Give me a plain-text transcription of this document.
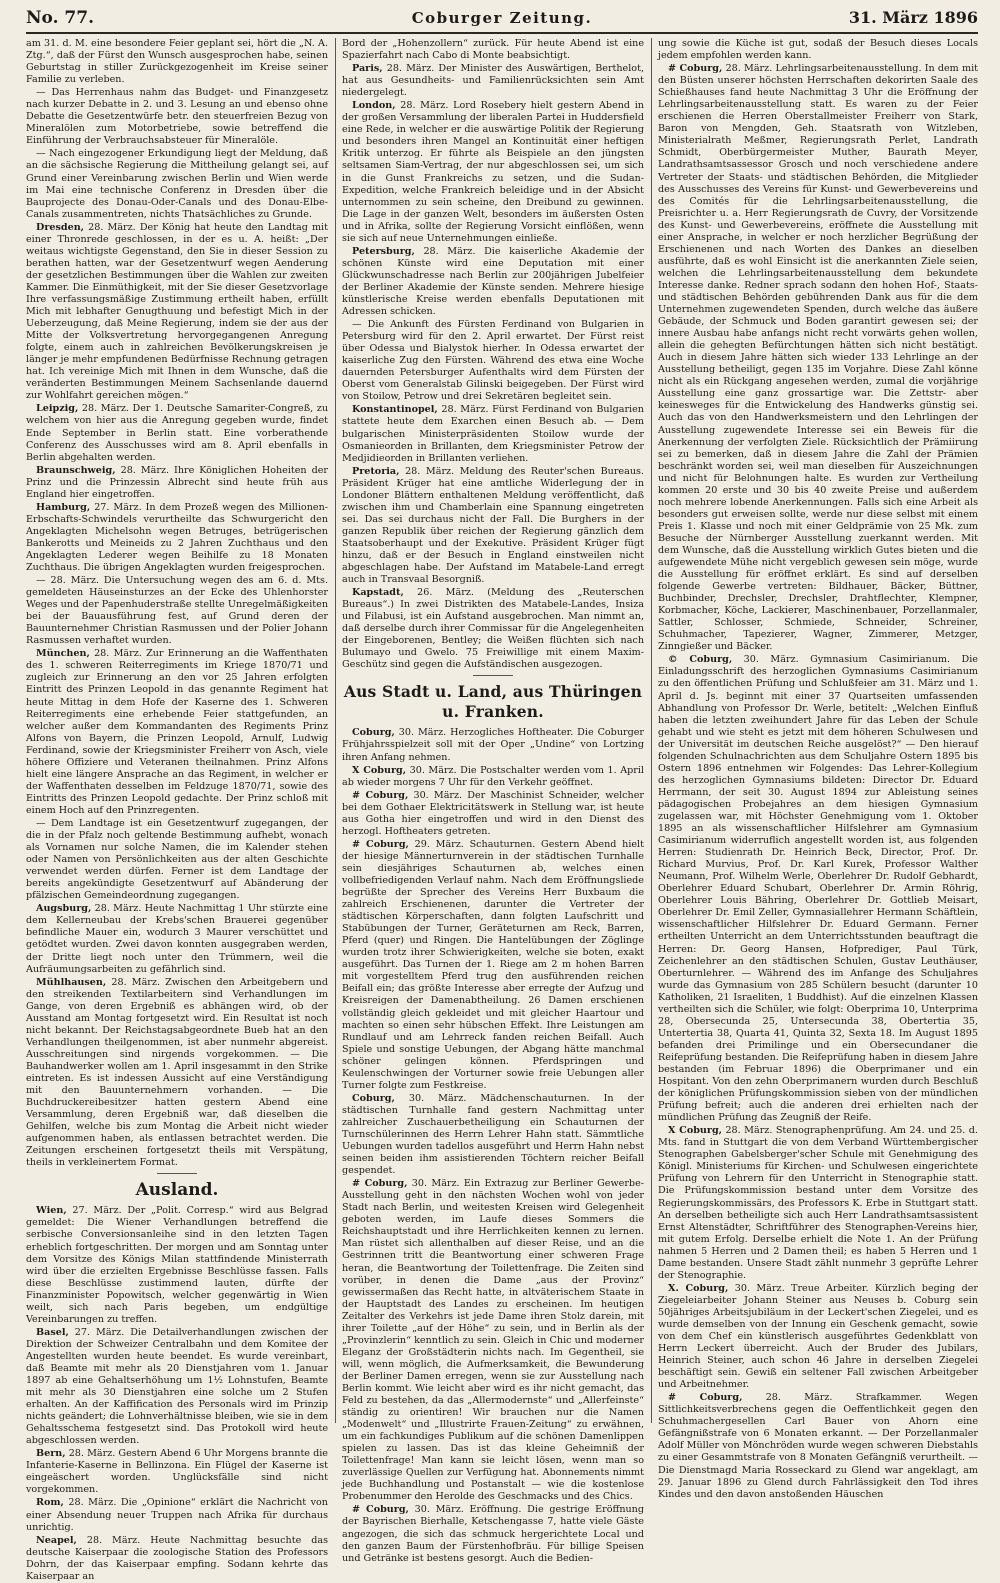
No. 77.	Coburger Zeitung.	31. März 1896

am 31. d. M. eine besondere Feier geplant sei, hört die „N. A. Ztg.“, daß der Fürst den Wunsch ausgesprochen habe, seinen Geburtstag in stiller Zurückgezogenheit im Kreise seiner Familie zu verleben.

— Das Herrenhaus nahm das Budget- und Finanzgesetz nach kurzer Debatte in 2. und 3. Lesung an und ebenso ohne Debatte die Gesetzentwürfe betr. den steuerfreien Bezug von Mineralölen zum Motorbetriebe, sowie betreffend die Einführung der Verbrauchsabsteuer für Mineralöle.

— Nach eingezogener Erkundigung liegt der Meldung, daß an die sächsische Regierung die Mittheilung gelangt sei, auf Grund einer Vereinbarung zwischen Berlin und Wien werde im Mai eine technische Conferenz in Dresden über die Bauprojecte des Donau-Oder-Canals und des Donau-Elbe-Canals zusammentreten, nichts Thatsächliches zu Grunde.

Dresden, 28. März. Der König hat heute den Landtag mit einer Thronrede geschlossen, in der es u. A. heißt: „Der weitaus wichtigste Gegenstand, den Sie in dieser Session zu berathen hatten, war der Gesetzentwurf wegen Aenderung der gesetzlichen Bestimmungen über die Wahlen zur zweiten Kammer. Die Einmüthigkeit, mit der Sie dieser Gesetzvorlage Ihre verfassungsmäßige Zustimmung ertheilt haben, erfüllt Mich mit lebhafter Genugthuung und befestigt Mich in der Ueberzeugung, daß Meine Regierung, indem sie der aus der Mitte der Volksvertretung hervorgegangenen Anregung folgte, einem auch in zahlreichen Bevölkerungskreisen je länger je mehr empfundenen Bedürfnisse Rechnung getragen hat. Ich vereinige Mich mit Ihnen in dem Wunsche, daß die veränderten Bestimmungen Meinem Sachsenlande dauernd zur Wohlfahrt gereichen mögen.“

Leipzig, 28. März. Der 1. Deutsche Samariter-Congreß, zu welchem von hier aus die Anregung gegeben wurde, findet Ende September in Berlin statt. Eine vorberathende Conferenz des Ausschusses wird am 8. April ebenfalls in Berlin abgehalten werden.

Braunschweig, 28. März. Ihre Königlichen Hoheiten der Prinz und die Prinzessin Albrecht sind heute früh aus England hier eingetroffen.

Hamburg, 27. März. In dem Prozeß wegen des Millionen-Erbschafts-Schwindels verurtheilte das Schwurgericht den Angeklagten Michelsohn wegen Betruges, betrügerischen Bankerotts und Meineids zu 2 Jahren Zuchthaus und den Angeklagten Lederer wegen Beihilfe zu 18 Monaten Zuchthaus. Die übrigen Angeklagten wurden freigesprochen.

— 28. März. Die Untersuchung wegen des am 6. d. Mts. gemeldeten Häuseinsturzes an der Ecke des Uhlenhorster Weges und der Papenhuderstraße stellte Unregelmäßigkeiten bei der Bauausführung fest, auf Grund deren der Bauunternehmer Christian Rasmussen und der Polier Johann Rasmussen verhaftet wurden.

München, 28. März. Zur Erinnerung an die Waffenthaten des 1. schweren Reiterregiments im Kriege 1870/71 und zugleich zur Erinnerung an den vor 25 Jahren erfolgten Eintritt des Prinzen Leopold in das genannte Regiment hat heute Mittag in dem Hofe der Kaserne des 1. Schweren Reiterregiments eine erhebende Feier stattgefunden, an welcher außer dem Kommandanten des Regiments Prinz Alfons von Bayern, die Prinzen Leopold, Arnulf, Ludwig Ferdinand, sowie der Kriegsminister Freiherr von Asch, viele höhere Offiziere und Veteranen theilnahmen. Prinz Alfons hielt eine längere Ansprache an das Regiment, in welcher er der Waffenthaten desselben im Feldzuge 1870/71, sowie des Eintritts des Prinzen Leopold gedachte. Der Prinz schloß mit einem Hoch auf den Prinzregenten.

— Dem Landtage ist ein Gesetzentwurf zugegangen, der die in der Pfalz noch geltende Bestimmung aufhebt, wonach als Vornamen nur solche Namen, die im Kalender stehen oder Namen von Persönlichkeiten aus der alten Geschichte verwendet werden dürfen. Ferner ist dem Landtage der bereits angekündigte Gesetzentwurf auf Abänderung der pfälzischen Gemeindeordnung zugegangen.

Augsburg, 28. März. Heute Nachmittag 1 Uhr stürzte eine dem Kellerneubau der Krebs'schen Brauerei gegenüber befindliche Mauer ein, wodurch 3 Maurer verschüttet und getödtet wurden. Zwei davon konnten ausgegraben werden, der Dritte liegt noch unter den Trümmern, weil die Aufräumungsarbeiten zu gefährlich sind.

Mühlhausen, 28. März. Zwischen den Arbeitgebern und den streikenden Textilarbeitern sind Verhandlungen im Gange, von deren Ergebniß es abhängen wird, ob der Ausstand am Montag fortgesetzt wird. Ein Resultat ist noch nicht bekannt. Der Reichstagsabgeordnete Bueb hat an den Verhandlungen theilgenommen, ist aber nunmehr abgereist. Ausschreitungen sind nirgends vorgekommen. — Die Bauhandwerker wollen am 1. April insgesammt in den Strike eintreten. Es ist indessen Aussicht auf eine Verständigung mit den Bauunternehmern vorhanden. — Die Buchdruckereibesitzer hatten gestern Abend eine Versammlung, deren Ergebniß war, daß dieselben die Gehilfen, welche bis zum Montag die Arbeit nicht wieder aufgenommen haben, als entlassen betrachtet werden. Die Zeitungen erscheinen fortgesetzt theils mit Verspätung, theils in verkleinertem Format.

Ausland.

Wien, 27. März. Der „Polit. Corresp.“ wird aus Belgrad gemeldet: Die Wiener Verhandlungen betreffend die serbische Conversionsanleihe sind in den letzten Tagen erheblich fortgeschritten. Der morgen und am Sonntag unter dem Vorsitze des Königs Milan stattfindende Ministerrath wird über die erzielten Ergebnisse Beschlüsse fassen. Falls diese Beschlüsse zustimmend lauten, dürfte der Finanzminister Popowitsch, welcher gegenwärtig in Wien weilt, sich nach Paris begeben, um endgültige Vereinbarungen zu treffen.

Basel, 27. März. Die Detailverhandlungen zwischen der Direktion der Schweizer Centralbahn und dem Komitee der Angestellten wurden heute beendet. Es wurde vereinbart, daß Beamte mit mehr als 20 Dienstjahren vom 1. Januar 1897 ab eine Gehaltserhöhung um 1½ Lohnstufen, Beamte mit mehr als 30 Dienstjahren eine solche um 2 Stufen erhalten. An der Kaffification des Personals wird im Prinzip nichts geändert; die Lohnverhältnisse bleiben, wie sie in dem Gehaltsschema festgesetzt sind. Das Protokoll wird heute abgeschlossen werden.

Bern, 28. März. Gestern Abend 6 Uhr Morgens brannte die Infanterie-Kaserne in Bellinzona. Ein Flügel der Kaserne ist eingeäschert worden. Unglücksfälle sind nicht vorgekommen.

Rom, 28. März. Die „Opinione“ erklärt die Nachricht von einer Absendung neuer Truppen nach Afrika für durchaus unrichtig.

Neapel, 28. März. Heute Nachmittag besuchte das deutsche Kaiserpaar die zoologische Station des Professors Dohrn, der das Kaiserpaar empfing. Sodann kehrte das Kaiserpaar an

Bord der „Hohenzollern“ zurück. Für heute Abend ist eine Spazierfahrt nach Cabo di Monte beabsichtigt.

Paris, 28. März. Der Minister des Auswärtigen, Berthelot, hat aus Gesundheits- und Familienrücksichten sein Amt niedergelegt.

London, 28. März. Lord Rosebery hielt gestern Abend in der großen Versammlung der liberalen Partei in Huddersfield eine Rede, in welcher er die auswärtige Politik der Regierung und besonders ihren Mangel an Kontinuität einer heftigen Kritik unterzog. Er führte als Beispiele an den jüngsten seltsamen Siam-Vertrag, der nur abgeschlossen sei, um sich in die Gunst Frankreichs zu setzen, und die Sudan-Expedition, welche Frankreich beleidige und in der Absicht unternommen zu sein scheine, den Dreibund zu gewinnen. Die Lage in der ganzen Welt, besonders im äußersten Osten und in Afrika, sollte der Regierung Vorsicht einflößen, wenn sie sich auf neue Unternehmungen einließe.

Petersburg, 28. März. Die kaiserliche Akademie der schönen Künste wird eine Deputation mit einer Glückwunschadresse nach Berlin zur 200jährigen Jubelfeier der Berliner Akademie der Künste senden. Mehrere hiesige künstlerische Kreise werden ebenfalls Deputationen mit Adressen schicken.

— Die Ankunft des Fürsten Ferdinand von Bulgarien in Petersburg wird für den 2. April erwartet. Der Fürst reist über Odessa und Bialystok hierher. In Odessa erwartet der kaiserliche Zug den Fürsten. Während des etwa eine Woche dauernden Petersburger Aufenthalts wird dem Fürsten der Oberst vom Generalstab Gilinski beigegeben. Der Fürst wird von Stoilow, Petrow und drei Sekretären begleitet sein.

Konstantinopel, 28. März. Fürst Ferdinand von Bulgarien stattete heute dem Exarchen einen Besuch ab. — Dem bulgarischen Ministerpräsidenten Stoilow wurde der Osmanieorden in Brillanten, dem Kriegsminister Petrow der Medjidieorden in Brillanten verliehen.

Pretoria, 28. März. Meldung des Reuter'schen Bureaus. Präsident Krüger hat eine amtliche Widerlegung der in Londoner Blättern enthaltenen Meldung veröffentlicht, daß zwischen ihm und Chamberlain eine Spannung eingetreten sei. Das sei durchaus nicht der Fall. Die Burghers in der ganzen Republik über reichen der Regierung gänzlich dem Staatsoberhaupt und der Exekutive. Präsident Krüger fügt hinzu, daß er der Besuch in England einstweilen nicht abgeschlagen habe. Der Aufstand im Matabele-Land erregt auch in Transvaal Besorgniß.

Kapstadt, 26. März. (Meldung des „Reuterschen Bureaus“.) In zwei Distrikten des Matabele-Landes, Insiza und Filabusi, ist ein Aufstand ausgebrochen. Man nimmt an, daß derselbe durch ihrer Commissar für die Angelegenheiten der Eingeborenen, Bentley; die Weißen flüchten sich nach Bulumayo und Gwelo. 75 Freiwillige mit einem Maxim-Geschütz sind gegen die Aufständischen ausgezogen.

Aus Stadt u. Land, aus Thüringen u. Franken.

Coburg, 30. März. Herzogliches Hoftheater. Die Coburger Frühjahrsspielzeit soll mit der Oper „Undine“ von Lortzing ihren Anfang nehmen.

X Coburg, 30. März. Die Postschalter werden vom 1. April ab wieder morgens 7 Uhr für den Verkehr geöffnet.

# Coburg, 30. März. Der Maschinist Schneider, welcher bei dem Gothaer Elektricitätswerk in Stellung war, ist heute aus Gotha hier eingetroffen und wird in den Dienst des herzogl. Hoftheaters getreten.

# Coburg, 29. März. Schauturnen. Gestern Abend hielt der hiesige Männerturnverein in der städtischen Turnhalle sein diesjähriges Schauturnen ab, welches einen vollbefriedigenden Verlauf nahm. Nach dem Eröffnungsliede begrüßte der Sprecher des Vereins Herr Buxbaum die zahlreich Erschienenen, darunter die Vertreter der städtischen Körperschaften, dann folgten Laufschritt und Stabübungen der Turner, Geräteturnen am Reck, Barren, Pferd (quer) und Ringen. Die Hantelübungen der Zöglinge wurden trotz ihrer Schwierigkeiten, welche sie boten, exakt ausgeführt. Das Turnen der 1. Riege am 2 m hohen Barren mit vorgestelltem Pferd trug den ausführenden reichen Beifall ein; das größte Interesse aber erregte der Aufzug und Kreisreigen der Damenabtheilung. 26 Damen erschienen vollständig gleich gekleidet und mit gleicher Haartour und machten so einen sehr hübschen Effekt. Ihre Leistungen am Rundlauf und am Lehrreck fanden reichen Beifall. Auch Spiele und sonstige Uebungen, der Abgang hätte manchmal schöner gelingen können. Pferdspringen und Keulenschwingen der Vorturner sowie freie Uebungen aller Turner folgte zum Festkreise.

Coburg, 30. März. Mädchenschauturnen. In der städtischen Turnhalle fand gestern Nachmittag unter zahlreicher Zuschauerbetheiligung ein Schauturnen der Turnschülerinnen des Herrn Lehrer Hahn statt. Sämmtliche Uebungen wurden tadellos ausgeführt und Herrn Hahn nebst seinen beiden ihm assistierenden Töchtern reicher Beifall gespendet.

# Coburg, 30. März. Ein Extrazug zur Berliner Gewerbe-Ausstellung geht in den nächsten Wochen wohl von jeder Stadt nach Berlin, und weitesten Kreisen wird Gelegenheit geboten werden, im Laufe dieses Sommers die Reichshauptstadt und ihre Herrlichkeiten kennen zu lernen. Man rüstet sich allenthalben auf dieser Reise, und an die Gestrinnen tritt die Beantwortung einer schweren Frage heran, die Beantwortung der Toilettenfrage. Die Zeiten sind vorüber, in denen die Dame „aus der Provinz“ gewissermaßen das Recht hatte, in altväterischem Staate in der Hauptstadt des Landes zu erscheinen. Im heutigen Zeitalter des Verkehrs ist jede Dame ihren Stolz darein, mit ihrer Toilette „auf der Höhe“ zu sein, und in Berlin als der „Provinzlerin“ kenntlich zu sein. Gleich in Chic und moderner Eleganz der Großstädterin nichts nach. Im Gegentheil, sie will, wenn möglich, die Aufmerksamkeit, die Bewunderung der Berliner Damen erregen, wenn sie zur Ausstellung nach Berlin kommt. Wie leicht aber wird es ihr nicht gemacht, das Feld zu bestehen, da das „Allermodernste“ und „Allerfeinste“ ständig zu orientiren! Wir brauchen nur die Namen „Modenwelt“ und „Illustrirte Frauen-Zeitung“ zu erwähnen, um ein fachkundiges Publikum auf die schönen Damenlippen spielen zu lassen. Das ist das kleine Geheimniß der Toilettenfrage! Man kann sie leicht lösen, wenn man so zuverlässige Quellen zur Verfügung hat. Abonnements nimmt jede Buchhandlung und Postanstalt — wie die kostenlose Probenummer den Herolde des Geschmacks und des Chics.

# Coburg, 30. März. Eröffnung. Die gestrige Eröffnung der Bayrischen Bierhalle, Ketschengasse 7, hatte viele Gäste angezogen, die sich das schmuck hergerichtete Local und den ganzen Baum der Fürstenhofbräu. Für billige Speisen und Getränke ist bestens gesorgt. Auch die Bedien-

ung sowie die Küche ist gut, sodaß der Besuch dieses Locals jedem empfohlen werden kann.

# Coburg, 28. März. Lehrlingsarbeitenausstellung. In dem mit den Büsten unserer höchsten Herrschaften dekorirten Saale des Schießhauses fand heute Nachmittag 3 Uhr die Eröffnung der Lehrlingsarbeitenausstellung statt. Es waren zu der Feier erschienen die Herren Oberstallmeister Freiherr von Stark, Baron von Mengden, Geh. Staatsrath von Witzleben, Ministerialrath Meßmer, Regierungsrath Perlet, Landrath Schmidt, Oberbürgermeister Muther, Baurath Meyer, Landrathsamtsassessor Grosch und noch verschiedene andere Vertreter der Staats- und städtischen Behörden, die Mitglieder des Ausschusses des Vereins für Kunst- und Gewerbevereins und des Comités für die Lehrlingsarbeitenausstellung, die Preisrichter u. a. Herr Regierungsrath de Cuvry, der Vorsitzende des Kunst- und Gewerbevereins, eröffnete die Ausstellung mit einer Ansprache, in welcher er noch herzlicher Begrüßung der Erschienenen und nach Worten des Dankes an dieselben ausführte, daß es wohl Einsicht ist die anerkannten Ziele seien, welchen die Lehrlingsarbeitenausstellung dem bekundete Interesse danke. Redner sprach sodann den hohen Hof-, Staats- und städtischen Behörden gebührenden Dank aus für die dem Unternehmen zugewendeten Spenden, durch welche das äußere Gebäude, der Schmuck und Boden garantirt gewesen sei; der innere Ausbau habe anfangs nicht recht vorwärts gehen wollen, allein die gehegten Befürchtungen hätten sich nicht bestätigt. Auch in diesem Jahre hätten sich wieder 133 Lehrlinge an der Ausstellung betheiligt, gegen 135 im Vorjahre. Diese Zahl könne nicht als ein Rückgang angesehen werden, zumal die vorjährige Ausstellung eine ganz grossartige war. Die Zettstr- aber keinesweges für die Entwickelung des Handwerks günstig sei. Auch das von den Handwerksmeistern und den Lehrlingen der Ausstellung zugewendete Interesse sei ein Beweis für die Anerkennung der verfolgten Ziele. Rücksichtlich der Prämiirung sei zu bemerken, daß in diesem Jahre die Zahl der Prämien beschränkt worden sei, weil man dieselben für Auszeichnungen und nicht für Belohnungen halte. Es wurden zur Vertheilung kommen 20 erste und 30 bis 40 zweite Preise und außerdem noch mehrere lobende Anerkennungen. Falls sich eine Arbeit als besonders gut erweisen sollte, werde nur diese selbst mit einem Preis 1. Klasse und noch mit einer Geldprämie von 25 Mk. zum Besuche der Nürnberger Ausstellung zuerkannt werden. Mit dem Wunsche, daß die Ausstellung wirklich Gutes bieten und die aufgewendete Mühe nicht vergeblich gewesen sein möge, wurde die Ausstellung für eröffnet erklärt. Es sind auf derselben folgende Gewerbe vertreten: Bildhauer, Bäcker, Büttner, Buchbinder, Drechsler, Drechsler, Drahtflechter, Klempner, Korbmacher, Köche, Lackierer, Maschinenbauer, Porzellanmaler, Sattler, Schlosser, Schmiede, Schneider, Schreiner, Schuhmacher, Tapezierer, Wagner, Zimmerer, Metzger, Zinngießer und Bäcker.

© Coburg, 30. März. Gymnasium Casimirianum. Die Einladungsschrift des herzoglichen Gymnasiums Casimirianum zu den öffentlichen Prüfung und Schlußfeier am 31. März und 1. April d. Js. beginnt mit einer 37 Quartseiten umfassenden Abhandlung von Professor Dr. Werle, betitelt: „Welchen Einfluß haben die letzten zweihundert Jahre für das Leben der Schule gehabt und wie steht es jetzt mit dem höheren Schulwesen und der Universität im deutschen Reiche ausgelöst?“ — Den hierauf folgenden Schulnachrichten aus dem Schuljahre Ostern 1895 bis Ostern 1896 entnehmen wir Folgendes: Das Lehrer-Kollegium des herzoglichen Gymnasiums bildeten: Director Dr. Eduard Herrmann, der seit 30. August 1894 zur Ableistung seines pädagogischen Probejahres an dem hiesigen Gymnasium zugelassen war, mit Höchster Genehmigung vom 1. Oktober 1895 an als wissenschaftlicher Hilfslehrer am Gymnasium Casimirianum widerruflich angestellt worden ist, aus folgenden Herren: Studienrath Dr. Heinrich Beck, Director, Prof. Dr. Richard Murvius, Prof. Dr. Karl Kurek, Professor Walther Neumann, Prof. Wilhelm Werle, Oberlehrer Dr. Rudolf Gebhardt, Oberlehrer Eduard Schubart, Oberlehrer Dr. Armin Röhrig, Oberlehrer Louis Bähring, Oberlehrer Dr. Gottlieb Meisart, Oberlehrer Dr. Emil Zeller, Gymnasiallehrer Hermann Schäftlein, wissenschaftlicher Hilfslehrer Dr. Eduard Germann. Ferner ertheilten Unterricht an dem Unterrichtsstunden beauftragt die Herren: Dr. Georg Hansen, Hofprediger, Paul Türk, Zeichenlehrer an den städtischen Schulen, Gustav Leuthäuser, Oberturnlehrer. — Während des im Anfange des Schuljahres wurde das Gymnasium von 285 Schülern besucht (darunter 10 Katholiken, 21 Israeliten, 1 Buddhist). Auf die einzelnen Klassen vertheilten sich die Schüler, wie folgt: Oberprima 10, Unterprima 28, Obersecunda 25, Untersecunda 38, Obertertia 35, Untertertia 38, Quarta 41, Quinta 32, Sexta 18. Im August 1895 befanden drei Primilinge und ein Obersecundaner die Reifeprüfung bestanden. Die Reifeprüfung haben in diesem Jahre bestanden (im Februar 1896) die Oberprimaner und ein Hospitant. Von den zehn Oberprimanern wurden durch Beschluß der königlichen Prüfungskommission sieben von der mündlichen Prüfung befreit; auch die anderen drei erhielten nach der mündlichen Prüfung das Zeugniß der Reife.

X Coburg, 28. März. Stenographenprüfung. Am 24. und 25. d. Mts. fand in Stuttgart die von dem Verband Württembergischer Stenographen Gabelsberger'scher Schule mit Genehmigung des Königl. Ministeriums für Kirchen- und Schulwesen eingerichtete Prüfung von Lehrern für den Unterricht in Stenographie statt. Die Prüfungskommission bestand unter dem Vorsitze des Regierungskommissärs, des Professors K. Erbe in Stuttgart statt. An derselben betheiligte sich auch Herr Landrathsamtsassistent Ernst Altenstädter, Schriftführer des Stenographen-Vereins hier, mit gutem Erfolg. Derselbe erhielt die Note 1. An der Prüfung nahmen 5 Herren und 2 Damen theil; es haben 5 Herren und 1 Dame bestanden. Unsere Stadt zählt nunmehr 3 geprüfte Lehrer der Stenographie.

X. Coburg, 30. März. Treue Arbeiter. Kürzlich beging der Ziegeleiarbeiter Johann Steiner aus Neuses b. Coburg sein 50jähriges Arbeitsjubiläum in der Leckert'schen Ziegelei, und es wurde demselben von der Innung ein Geschenk gemacht, sowie von dem Chef ein künstlerisch ausgeführtes Gedenkblatt von Herrn Leckert überreicht. Auch der Bruder des Jubilars, Heinrich Steiner, auch schon 46 Jahre in derselben Ziegelei beschäftigt sein. Gewiß ein seltener Fall zwischen Arbeitgeber und Arbeitnehmer.

# Coburg, 28. März. Strafkammer. Wegen Sittlichkeitsverbrechens gegen die Oeffentlichkeit gegen den Schuhmachergesellen Carl Bauer von Ahorn eine Gefängnißstrafe von 6 Monaten erkannt. — Der Porzellanmaler Adolf Müller von Mönchröden wurde wegen schweren Diebstahls zu einer Gesammtstrafe von 8 Monaten Gefängniß verurtheilt. — Die Dienstmagd Maria Rosseckard zu Glend war angeklagt, am 29. Januar 1896 zu Glend durch Fahrlässigkeit den Tod ihres Kindes und den davon anstoßenden Häuschen
